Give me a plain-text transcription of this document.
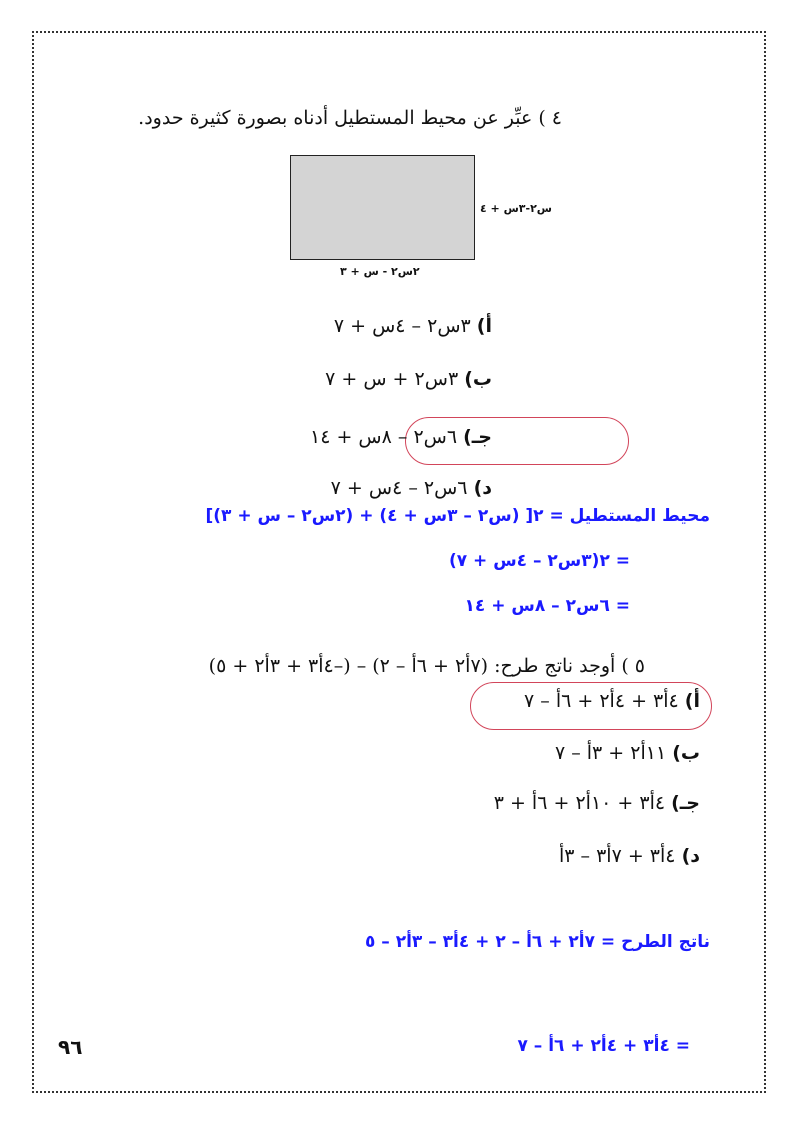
٤ ) عبِّر عن محيط المستطيل أدناه بصورة كثيرة حدود.
س٢-٣س + ٤
٢س٢ - س + ٣
أ) ٣س٢ – ٤س + ٧
ب) ٣س٢ + س + ٧
جـ) ٦س٢ – ٨س + ١٤
د) ٦س٢ – ٤س + ٧
محيط المستطيل = ٢[ (س٢ – ٣س + ٤) + (٢س٢ – س + ٣)]
= ٢(٣س٢ – ٤س + ٧)
= ٦س٢ – ٨س + ١٤
٥ ) أوجد ناتج طرح: (٧أ٢ + ٦أ – ٢) – (–٤أ٣ + ٣أ٢ + ٥)
أ) ٤أ٣ + ٤أ٢ + ٦أ – ٧
ب) ١١أ٢ + ٣أ – ٧
جـ) ٤أ٣ + ١٠أ٢ + ٦أ + ٣
د) ٤أ٣ + ٧أ٣ – ٣أ
ناتج الطرح = ٧أ٢ + ٦أ – ٢ + ٤أ٣ – ٣أ٢ – ٥
= ٤أ٣ + ٤أ٢ + ٦أ – ٧
٩٦
